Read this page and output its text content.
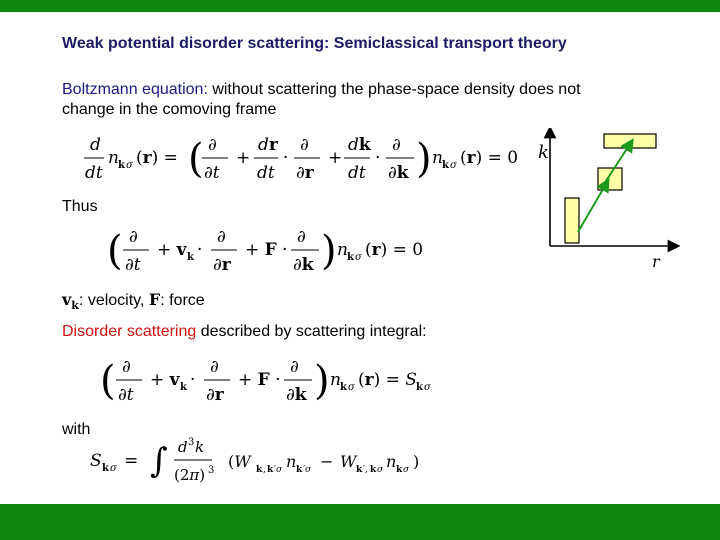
Weak potential disorder scattering: Semiclassical transport theory
Boltzmann equation: without scattering the phase-space density does not
change in the comoving frame
d
dt
n k σ (r) = ( ∂
∂t
+
dr
dt
·
∂
∂r
+
dk
dt
·
∂
∂k ) n k σ (r) = 0
Thus
( ∂
∂t
+ v k ·
∂
∂r
+ F ·
∂
∂k ) n k σ (r) = 0
$v_k$: velocity, F: force
Disorder scattering described by scattering integral:
( ∂
∂t
+ v k ·
∂
∂r
+ F ·
∂
∂k ) n k σ (r) = S k σ
with
S k σ = ∫ d 3 k
(2π) 3 (W k , k ′σ n k ′σ − W k ′, k σ n k σ )
k
r
